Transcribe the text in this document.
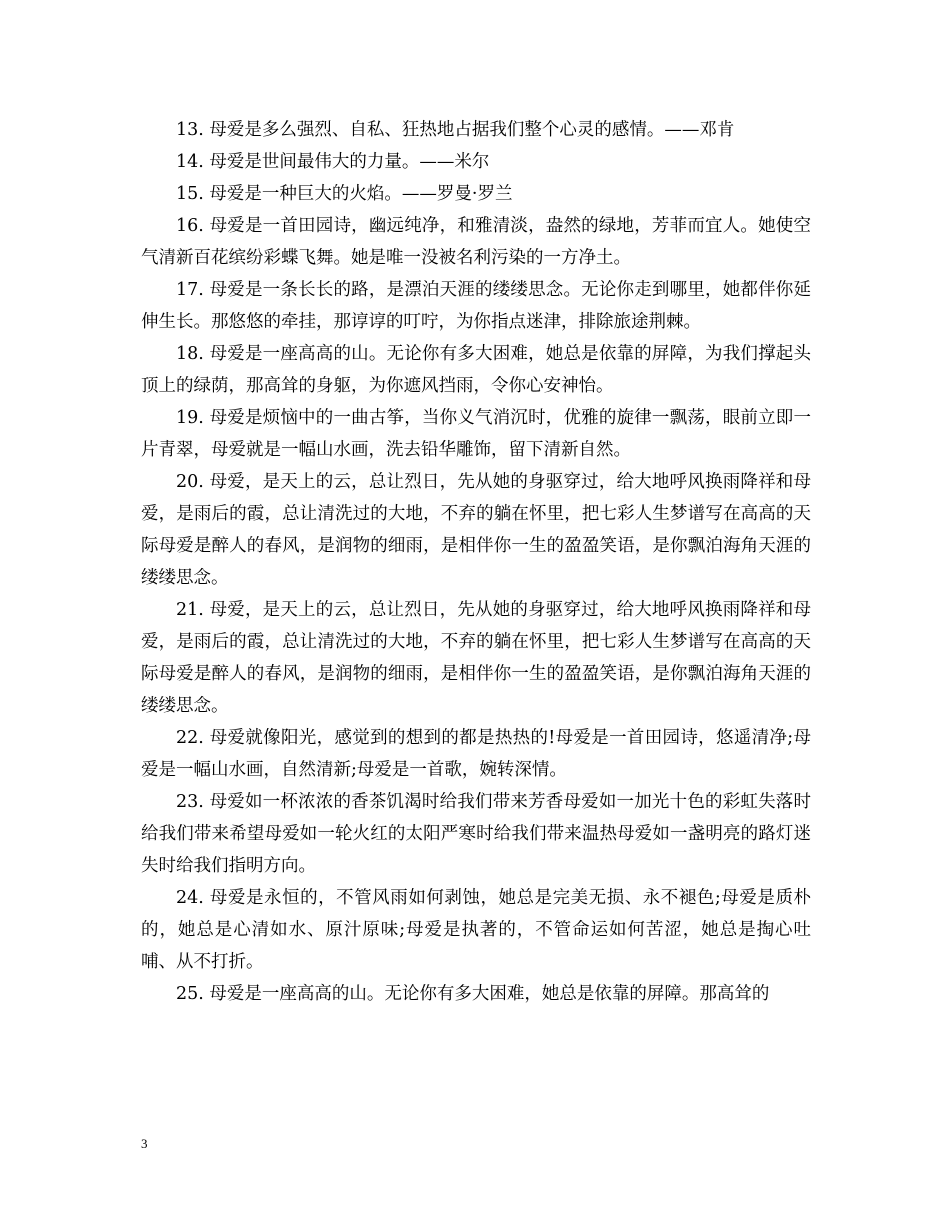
13. 母爱是多么强烈、自私、狂热地占据我们整个心灵的感情。——邓肯

14. 母爱是世间最伟大的力量。——米尔

15. 母爱是一种巨大的火焰。——罗曼·罗兰

16. 母爱是一首田园诗，幽远纯净，和雅清淡，盎然的绿地，芳菲而宜人。她使空气清新百花缤纷彩蝶飞舞。她是唯一没被名利污染的一方净土。

17. 母爱是一条长长的路，是漂泊天涯的缕缕思念。无论你走到哪里，她都伴你延伸生长。那悠悠的牵挂，那谆谆的叮咛，为你指点迷津，排除旅途荆棘。

18. 母爱是一座高高的山。无论你有多大困难，她总是依靠的屏障，为我们撑起头顶上的绿荫，那高耸的身躯，为你遮风挡雨，令你心安神怡。

19. 母爱是烦恼中的一曲古筝，当你义气消沉时，优雅的旋律一飘荡，眼前立即一片青翠，母爱就是一幅山水画，洗去铅华雕饰，留下清新自然。

20. 母爱，是天上的云，总让烈日，先从她的身驱穿过，给大地呼风换雨降祥和母爱，是雨后的霞，总让清洗过的大地，不弃的躺在怀里，把七彩人生梦谱写在高高的天际母爱是醉人的春风，是润物的细雨，是相伴你一生的盈盈笑语，是你飘泊海角天涯的缕缕思念。

21. 母爱，是天上的云，总让烈日，先从她的身驱穿过，给大地呼风换雨降祥和母爱，是雨后的霞，总让清洗过的大地，不弃的躺在怀里，把七彩人生梦谱写在高高的天际母爱是醉人的春风，是润物的细雨，是相伴你一生的盈盈笑语，是你飘泊海角天涯的缕缕思念。

22. 母爱就像阳光，感觉到的想到的都是热热的!母爱是一首田园诗，悠遥清净;母爱是一幅山水画，自然清新;母爱是一首歌，婉转深情。

23. 母爱如一杯浓浓的香茶饥渴时给我们带来芳香母爱如一加光十色的彩虹失落时给我们带来希望母爱如一轮火红的太阳严寒时给我们带来温热母爱如一盏明亮的路灯迷失时给我们指明方向。

24. 母爱是永恒的，不管风雨如何剥蚀，她总是完美无损、永不褪色;母爱是质朴的，她总是心清如水、原汁原味;母爱是执著的，不管命运如何苦涩，她总是掏心吐哺、从不打折。

25. 母爱是一座高高的山。无论你有多大困难，她总是依靠的屏障。那高耸的

3
